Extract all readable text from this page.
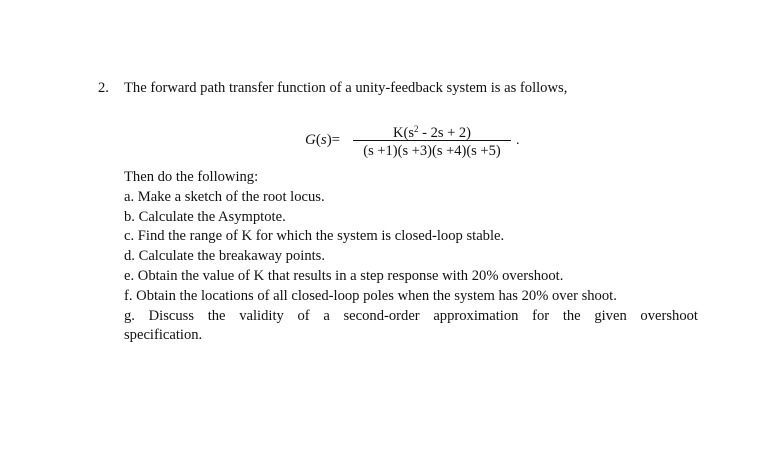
2.	The forward path transfer function of a unity-feedback system is as follows,
G(s)=	$K(s^2 - 2s + 2)$
(s +1)(s +3)(s +4)(s +5)
.
Then do the following:
a. Make a sketch of the root locus.
b. Calculate the Asymptote.
c. Find the range of K for which the system is closed-loop stable.
d. Calculate the breakaway points.
e. Obtain the value of K that results in a step response with 20% overshoot.
f. Obtain the locations of all closed-loop poles when the system has 20% over shoot.
g. Discuss the validity of a second-order approximation for the given overshoot
specification.
